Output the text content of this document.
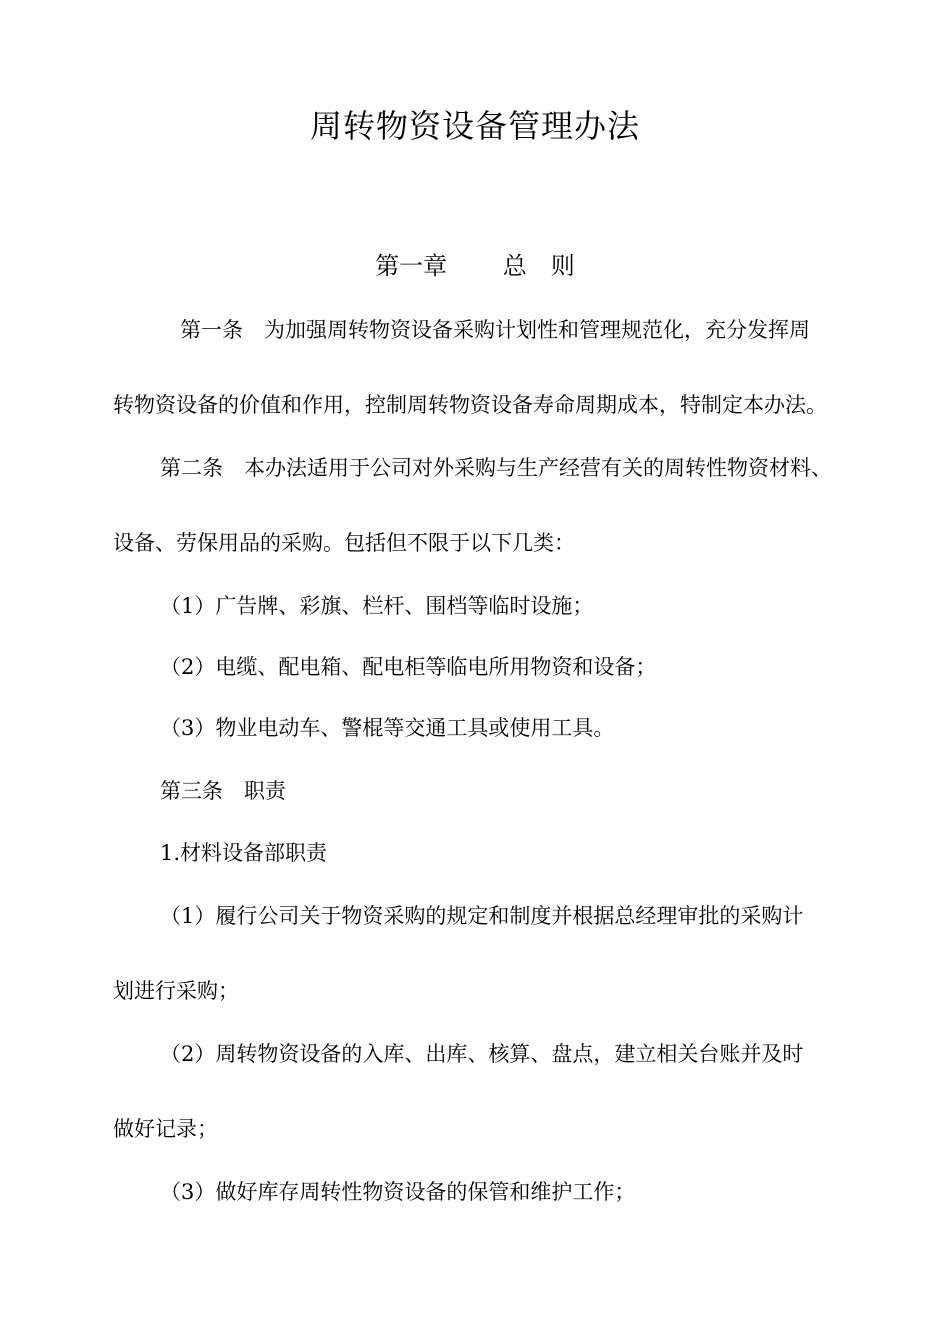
周转物资设备管理办法
第一章　　 总　则
第一条　为加强周转物资设备采购计划性和管理规范化，充分发挥周
转物资设备的价值和作用，控制周转物资设备寿命周期成本，特制定本办法。
第二条　本办法适用于公司对外采购与生产经营有关的周转性物资材料、
设备、劳保用品的采购。包括但不限于以下几类：
（1）广告牌、彩旗、栏杆、围档等临时设施；
（2）电缆、配电箱、配电柜等临电所用物资和设备；
（3）物业电动车、警棍等交通工具或使用工具。
第三条　职责
1.材料设备部职责
（1）履行公司关于物资采购的规定和制度并根据总经理审批的采购计
划进行采购；
（2）周转物资设备的入库、出库、核算、盘点，建立相关台账并及时
做好记录；
（3）做好库存周转性物资设备的保管和维护工作；
